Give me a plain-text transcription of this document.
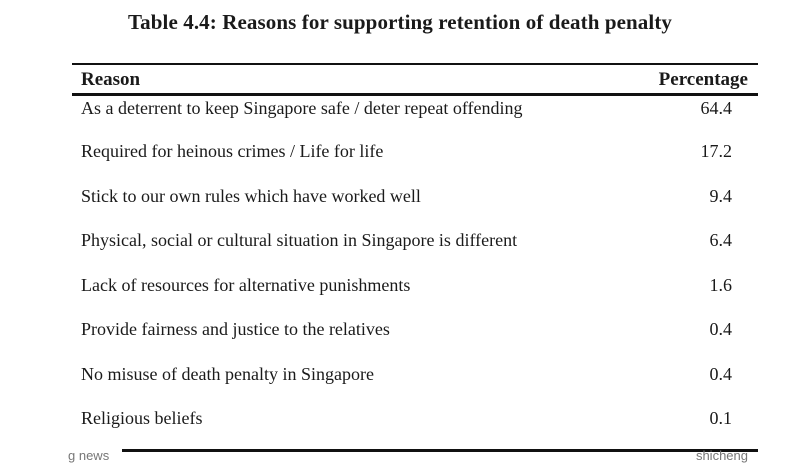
Table 4.4: Reasons for supporting retention of death penalty
Reason	Percentage
As a deterrent to keep Singapore safe / deter repeat offending	64.4
Required for heinous crimes / Life for life	17.2
Stick to our own rules which have worked well	9.4
Physical, social or cultural situation in Singapore is different	6.4
Lack of resources for alternative punishments	1.6
Provide fairness and justice to the relatives	0.4
No misuse of death penalty in Singapore	0.4
Religious beliefs	0.1
g news	shicheng
